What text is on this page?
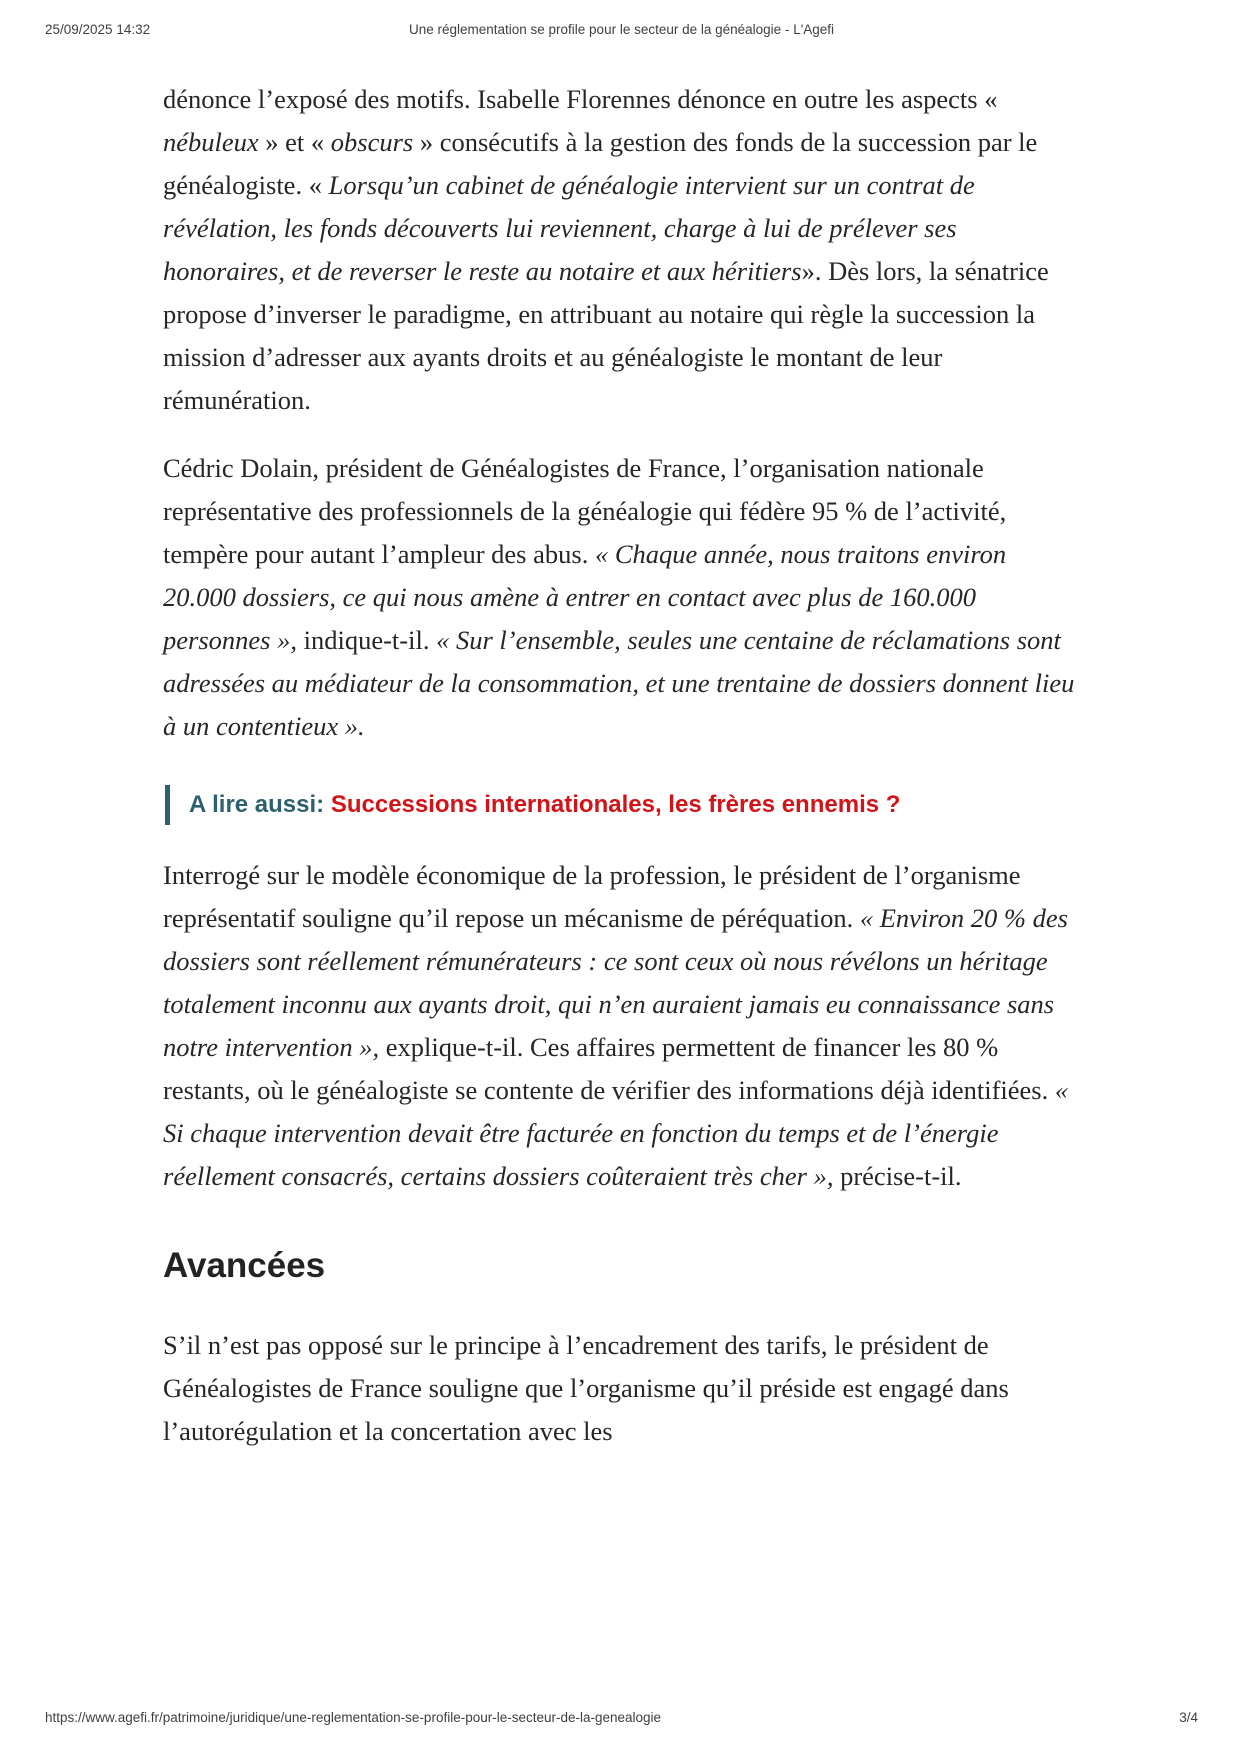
25/09/2025 14:32	Une réglementation se profile pour le secteur de la généalogie - L'Agefi

dénonce l’exposé des motifs. Isabelle Florennes dénonce en outre les aspects « nébuleux » et « obscurs » consécutifs à la gestion des fonds de la succession par le généalogiste. « Lorsqu’un cabinet de généalogie intervient sur un contrat de révélation, les fonds découverts lui reviennent, charge à lui de prélever ses honoraires, et de reverser le reste au notaire et aux héritiers». Dès lors, la sénatrice propose d’inverser le paradigme, en attribuant au notaire qui règle la succession la mission d’adresser aux ayants droits et au généalogiste le montant de leur rémunération.

Cédric Dolain, président de Généalogistes de France, l’organisation nationale représentative des professionnels de la généalogie qui fédère 95 % de l’activité, tempère pour autant l’ampleur des abus. « Chaque année, nous traitons environ 20.000 dossiers, ce qui nous amène à entrer en contact avec plus de 160.000 personnes », indique-t-il. « Sur l’ensemble, seules une centaine de réclamations sont adressées au médiateur de la consommation, et une trentaine de dossiers donnent lieu à un contentieux ».

A lire aussi: Successions internationales, les frères ennemis ?

Interrogé sur le modèle économique de la profession, le président de l’organisme représentatif souligne qu’il repose un mécanisme de péréquation. « Environ 20 % des dossiers sont réellement rémunérateurs : ce sont ceux où nous révélons un héritage totalement inconnu aux ayants droit, qui n’en auraient jamais eu connaissance sans notre intervention », explique-t-il. Ces affaires permettent de financer les 80 % restants, où le généalogiste se contente de vérifier des informations déjà identifiées. « Si chaque intervention devait être facturée en fonction du temps et de l’énergie réellement consacrés, certains dossiers coûteraient très cher », précise-t-il.

Avancées

S’il n’est pas opposé sur le principe à l’encadrement des tarifs, le président de Généalogistes de France souligne que l’organisme qu’il préside est engagé dans l’autorégulation et la concertation avec les

https://www.agefi.fr/patrimoine/juridique/une-reglementation-se-profile-pour-le-secteur-de-la-genealogie	3/4
